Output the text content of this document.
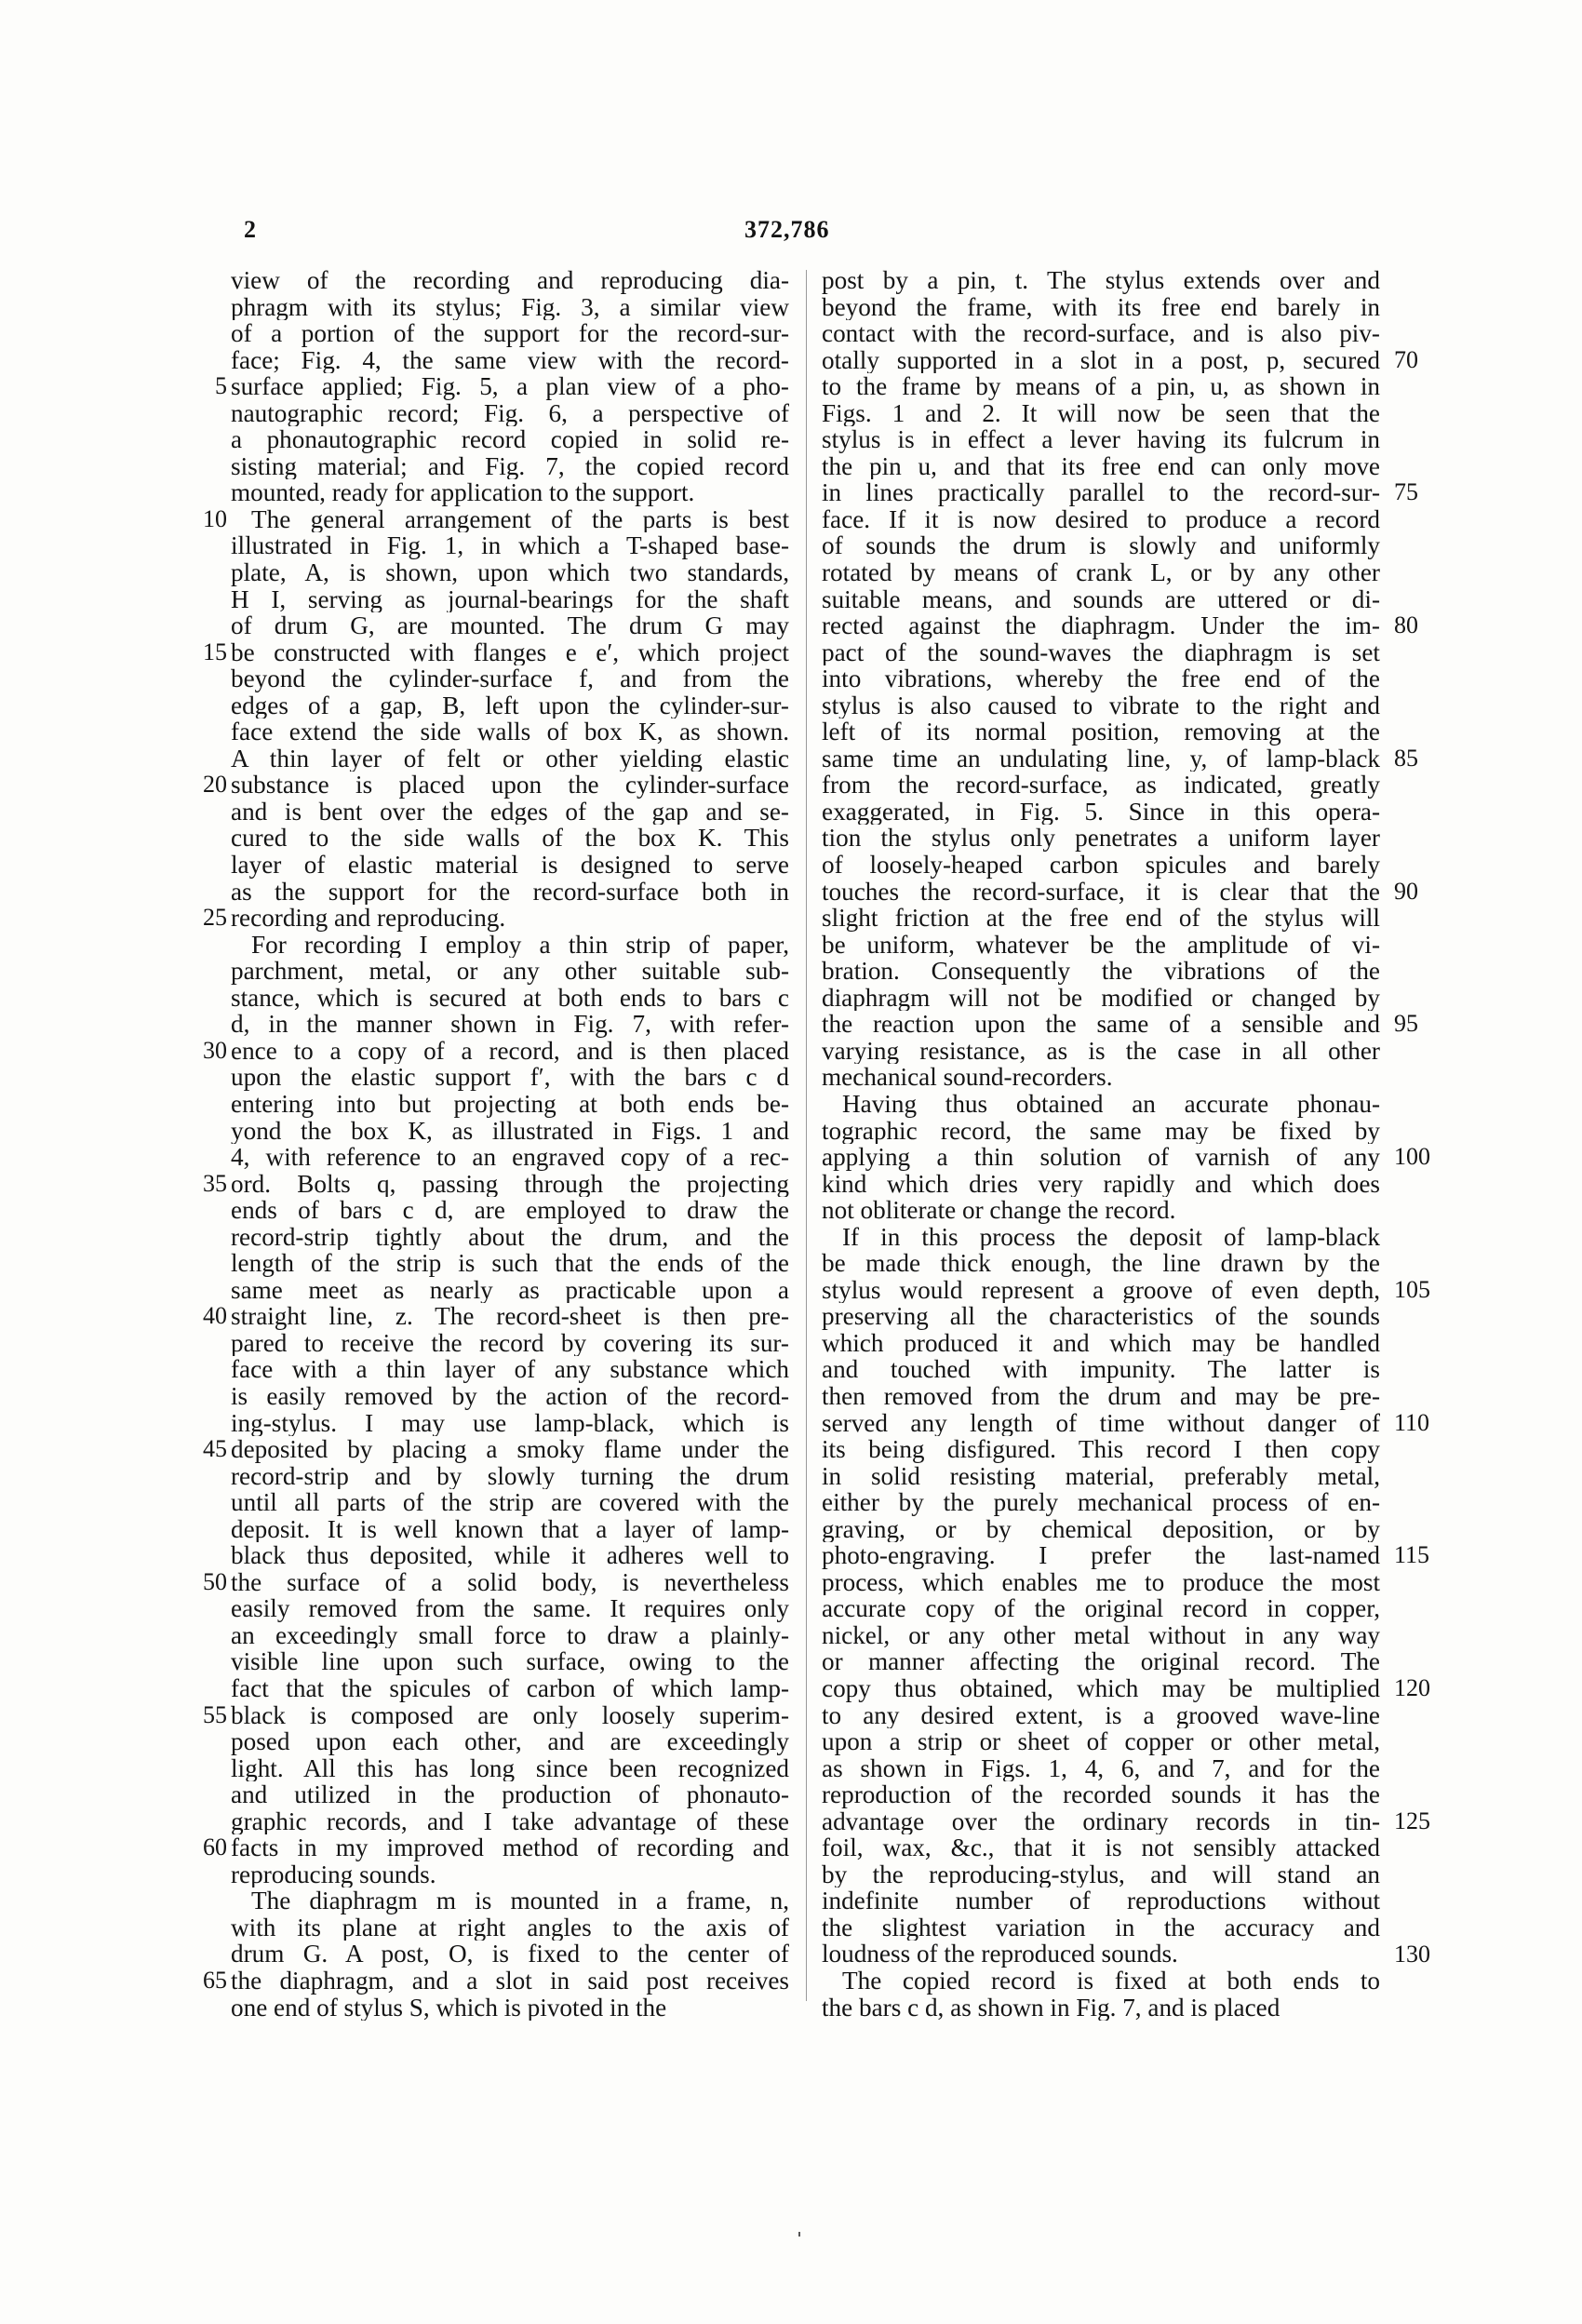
2	372,786
5
10
15
20
25
30
35
40
45
50
55
60
65
view of the recording and reproducing dia-
phragm with its stylus; Fig. 3, a similar view
of a portion of the support for the record-sur-
face; Fig. 4, the same view with the record-
surface applied; Fig. 5, a plan view of a pho-
nautographic record; Fig. 6, a perspective of
a phonautographic record copied in solid re-
sisting material; and Fig. 7, the copied record
mounted, ready for application to the support.
The general arrangement of the parts is best
illustrated in Fig. 1, in which a T-shaped base-
plate, A, is shown, upon which two standards,
H I, serving as journal-bearings for the shaft
of drum G, are mounted. The drum G may
be constructed with flanges e e′, which project
beyond the cylinder-surface f, and from the
edges of a gap, B, left upon the cylinder-sur-
face extend the side walls of box K, as shown.
A thin layer of felt or other yielding elastic
substance is placed upon the cylinder-surface
and is bent over the edges of the gap and se-
cured to the side walls of the box K. This
layer of elastic material is designed to serve
as the support for the record-surface both in
recording and reproducing.
For recording I employ a thin strip of paper,
parchment, metal, or any other suitable sub-
stance, which is secured at both ends to bars c
d, in the manner shown in Fig. 7, with refer-
ence to a copy of a record, and is then placed
upon the elastic support f′, with the bars c d
entering into but projecting at both ends be-
yond the box K, as illustrated in Figs. 1 and
4, with reference to an engraved copy of a rec-
ord. Bolts q, passing through the projecting
ends of bars c d, are employed to draw the
record-strip tightly about the drum, and the
length of the strip is such that the ends of the
same meet as nearly as practicable upon a
straight line, z. The record-sheet is then pre-
pared to receive the record by covering its sur-
face with a thin layer of any substance which
is easily removed by the action of the record-
ing-stylus. I may use lamp-black, which is
deposited by placing a smoky flame under the
record-strip and by slowly turning the drum
until all parts of the strip are covered with the
deposit. It is well known that a layer of lamp-
black thus deposited, while it adheres well to
the surface of a solid body, is nevertheless
easily removed from the same. It requires only
an exceedingly small force to draw a plainly-
visible line upon such surface, owing to the
fact that the spicules of carbon of which lamp-
black is composed are only loosely superim-
posed upon each other, and are exceedingly
light. All this has long since been recognized
and utilized in the production of phonauto-
graphic records, and I take advantage of these
facts in my improved method of recording and
reproducing sounds.
The diaphragm m is mounted in a frame, n,
with its plane at right angles to the axis of
drum G. A post, O, is fixed to the center of
the diaphragm, and a slot in said post receives
one end of stylus S, which is pivoted in the
post by a pin, t. The stylus extends over and
beyond the frame, with its free end barely in
contact with the record-surface, and is also piv-
otally supported in a slot in a post, p, secured
to the frame by means of a pin, u, as shown in
Figs. 1 and 2. It will now be seen that the
stylus is in effect a lever having its fulcrum in
the pin u, and that its free end can only move
in lines practically parallel to the record-sur-
face. If it is now desired to produce a record
of sounds the drum is slowly and uniformly
rotated by means of crank L, or by any other
suitable means, and sounds are uttered or di-
rected against the diaphragm. Under the im-
pact of the sound-waves the diaphragm is set
into vibrations, whereby the free end of the
stylus is also caused to vibrate to the right and
left of its normal position, removing at the
same time an undulating line, y, of lamp-black
from the record-surface, as indicated, greatly
exaggerated, in Fig. 5. Since in this opera-
tion the stylus only penetrates a uniform layer
of loosely-heaped carbon spicules and barely
touches the record-surface, it is clear that the
slight friction at the free end of the stylus will
be uniform, whatever be the amplitude of vi-
bration. Consequently the vibrations of the
diaphragm will not be modified or changed by
the reaction upon the same of a sensible and
varying resistance, as is the case in all other
mechanical sound-recorders.
Having thus obtained an accurate phonau-
tographic record, the same may be fixed by
applying a thin solution of varnish of any
kind which dries very rapidly and which does
not obliterate or change the record.
If in this process the deposit of lamp-black
be made thick enough, the line drawn by the
stylus would represent a groove of even depth,
preserving all the characteristics of the sounds
which produced it and which may be handled
and touched with impunity. The latter is
then removed from the drum and may be pre-
served any length of time without danger of
its being disfigured. This record I then copy
in solid resisting material, preferably metal,
either by the purely mechanical process of en-
graving, or by chemical deposition, or by
photo-engraving. I prefer the last-named
process, which enables me to produce the most
accurate copy of the original record in copper,
nickel, or any other metal without in any way
or manner affecting the original record. The
copy thus obtained, which may be multiplied
to any desired extent, is a grooved wave-line
upon a strip or sheet of copper or other metal,
as shown in Figs. 1, 4, 6, and 7, and for the
reproduction of the recorded sounds it has the
advantage over the ordinary records in tin-
foil, wax, &c., that it is not sensibly attacked
by the reproducing-stylus, and will stand an
indefinite number of reproductions without
the slightest variation in the accuracy and
loudness of the reproduced sounds.
The copied record is fixed at both ends to
the bars c d, as shown in Fig. 7, and is placed
70
75
80
85
90
95
100
105
110
115
120
125
130
